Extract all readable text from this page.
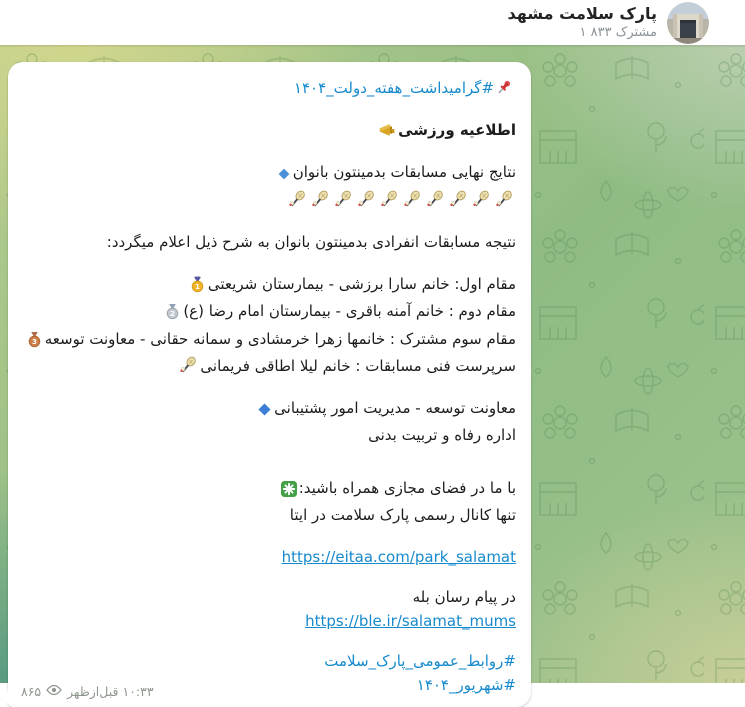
پارک سلامت مشهد
۱ ۸۳۳ مشترک
#گرامیداشت_هفته_دولت_۱۴۰۴
اطلاعیه ورزشی
نتایج نهایی مسابقات بدمینتون بانوان
نتیجه مسابقات انفرادی بدمینتون بانوان به شرح ذیل اعلام میگردد:
1 مقام اول: خانم سارا برزشی - بیمارستان شریعتی
2 مقام دوم : خانم آمنه باقری - بیمارستان امام رضا (ع)
3 مقام سوم مشترک : خانمها زهرا خرمشادی و سمانه حقانی - معاونت توسعه
سرپرست فنی مسابقات : خانم لیلا اطاقی فریمانی
معاونت توسعه - مدیریت امور پشتیبانی
اداره رفاه و تربیت بدنی
با ما در فضای مجازی همراه باشید:
تنها کانال رسمی پارک سلامت در ایتا
https://eitaa.com/park_salamat
در پیام رسان بله
https://ble.ir/salamat_mums
#روابط_عمومی_پارک_سلامت
#شهریور_۱۴۰۴
۱۰:۳۳ قبل‌ازظهر
۸۶۵
